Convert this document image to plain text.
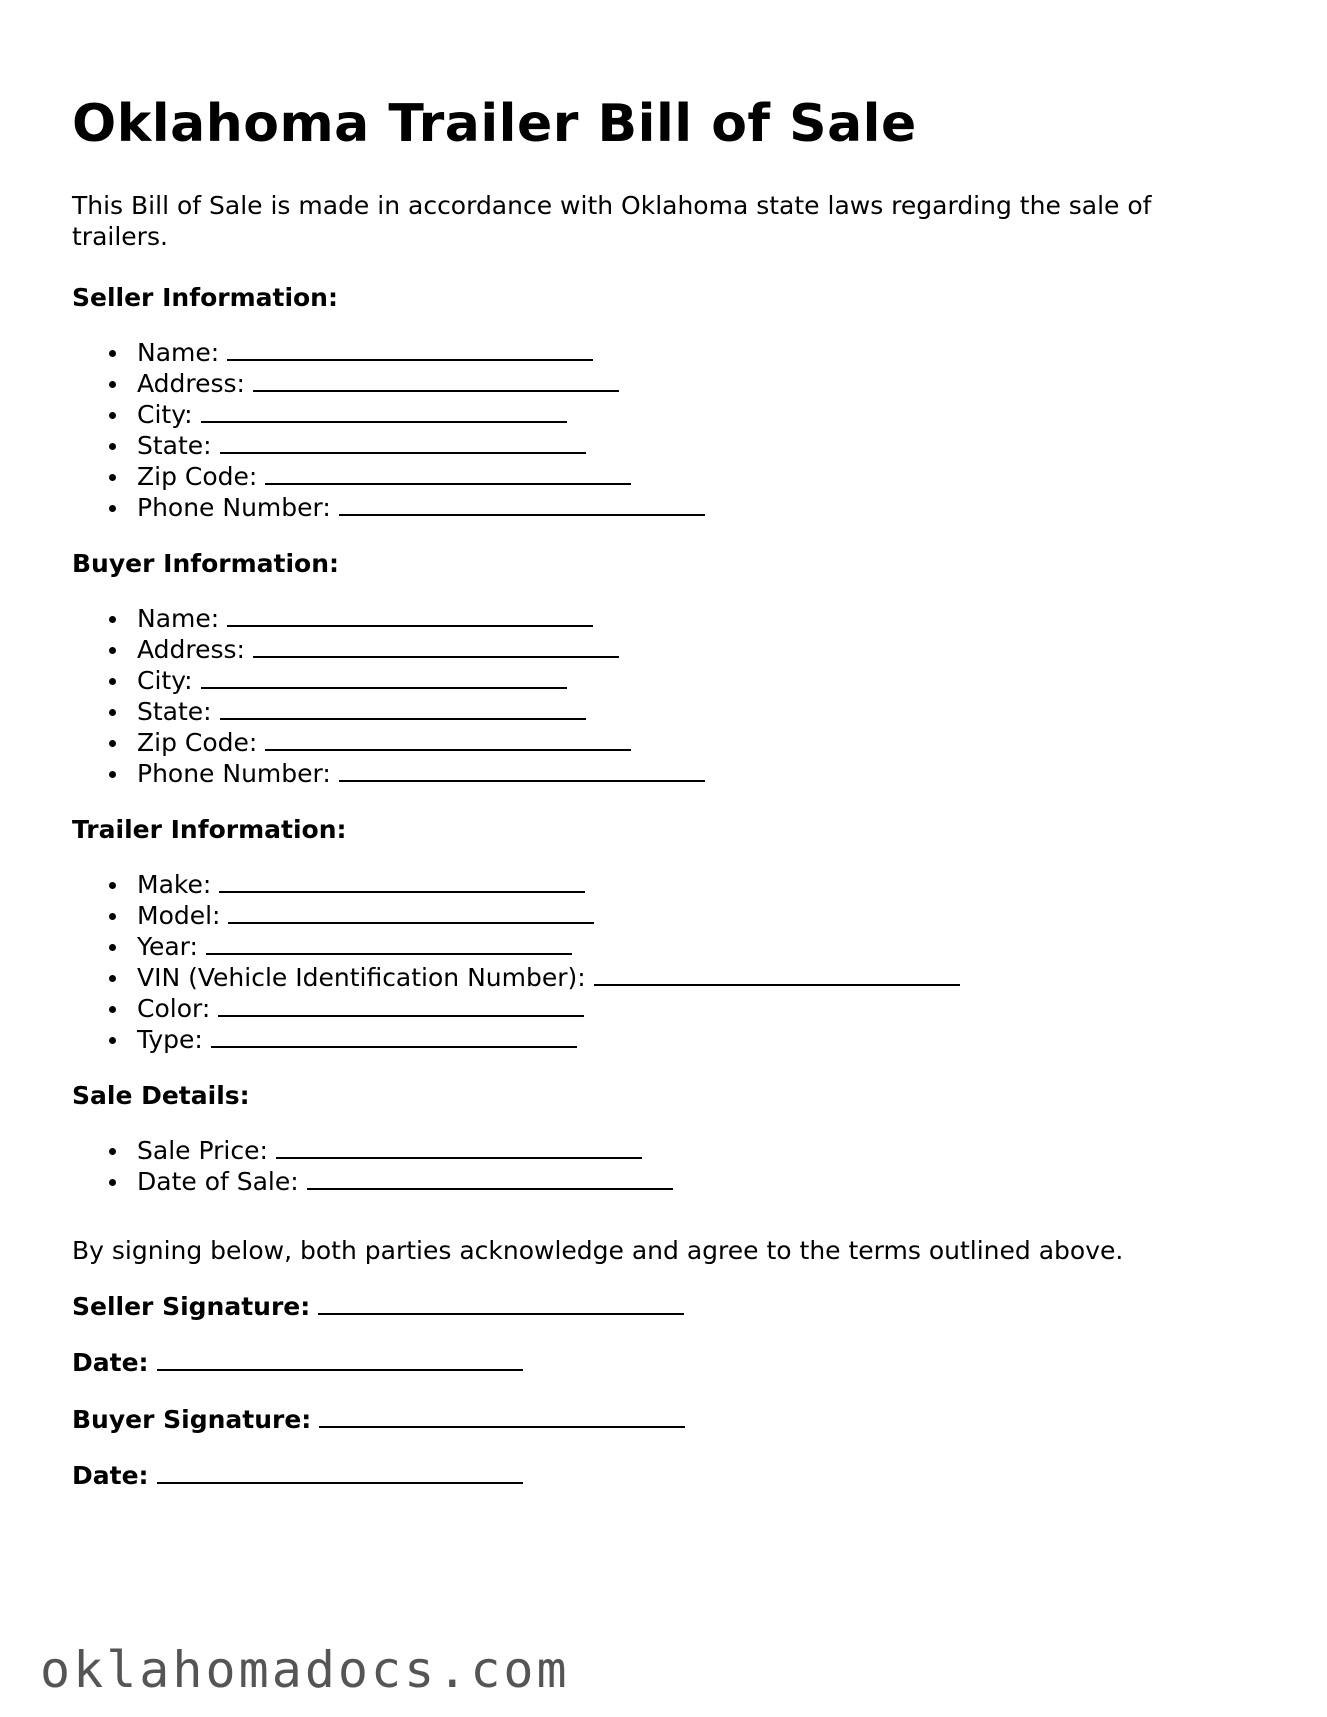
Oklahoma Trailer Bill of Sale

This Bill of Sale is made in accordance with Oklahoma state laws regarding the sale of trailers.

Seller Information:
Name:
Address:
City:
State:
Zip Code:
Phone Number:
Buyer Information:
Name:
Address:
City:
State:
Zip Code:
Phone Number:
Trailer Information:
Make:
Model:
Year:
VIN (Vehicle Identification Number):
Color:
Type:
Sale Details:
Sale Price:
Date of Sale:

By signing below, both parties acknowledge and agree to the terms outlined above.

Seller Signature:

Date:

Buyer Signature:

Date:

oklahomadocs.com
